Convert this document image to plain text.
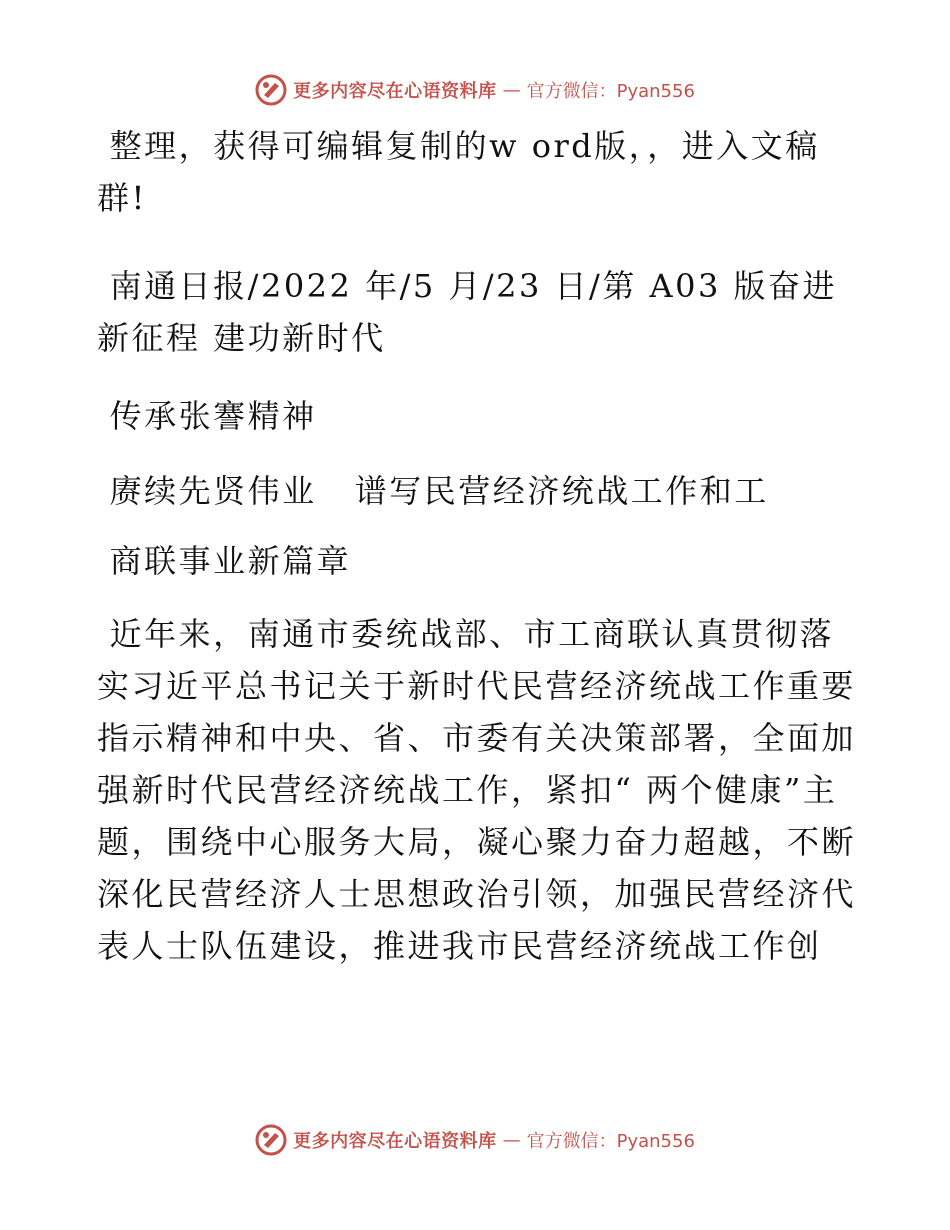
更多内容尽在心语资料库 — 官方微信：Pyan556

整理，获得可编辑复制的w ord版，，进入文稿群!

南通日报/2022 年/5 月/23 日/第 A03 版奋进新征程 建功新时代

传承张謇精神

赓续先贤伟业   谱写民营经济统战工作和工

商联事业新篇章

近年来，南通市委统战部、市工商联认真贯彻落实习近平总书记关于新时代民营经济统战工作重要指示精神和中央、省、市委有关决策部署，全面加强新时代民营经济统战工作，紧扣“ 两个健康”主题，围绕中心服务大局，凝心聚力奋力超越，不断深化民营经济人士思想政治引领，加强民营经济代表人士队伍建设，推进我市民营经济统战工作创

更多内容尽在心语资料库 — 官方微信：Pyan556
